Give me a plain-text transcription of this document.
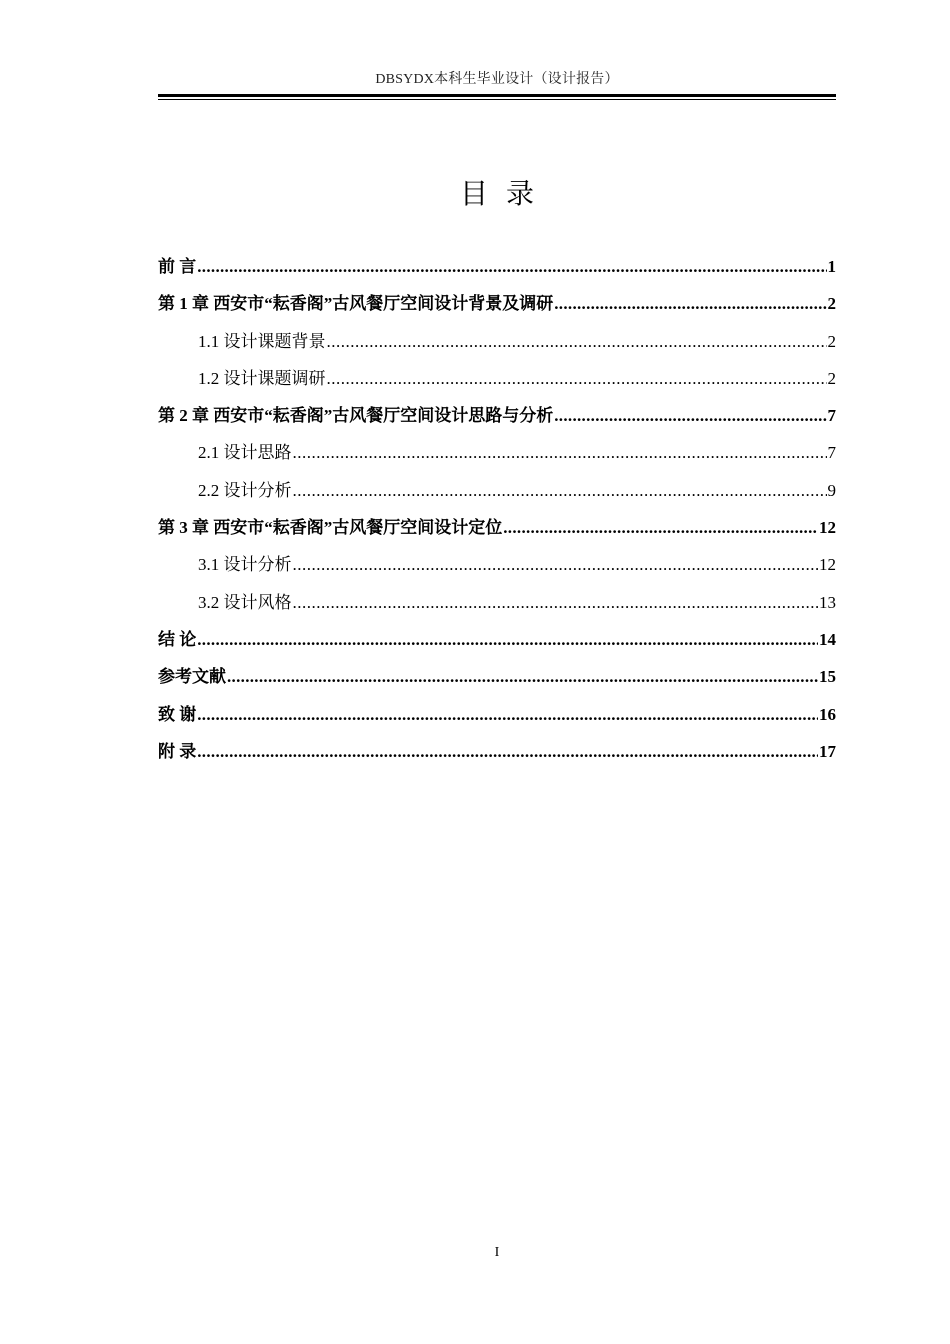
DBSYDX本科生毕业设计（设计报告）
目录
前 言 .....	1
第 1 章 西安市“耘香阁”古风餐厅空间设计背景及调研 .....	2
1.1 设计课题背景 .....	2
1.2 设计课题调研 .....	2
第 2 章 西安市“耘香阁”古风餐厅空间设计思路与分析 .....	7
2.1 设计思路 .....	7
2.2 设计分析 .....	9
第 3 章 西安市“耘香阁”古风餐厅空间设计定位 .....	12
3.1 设计分析 .....	12
3.2 设计风格 .....	13
结 论 .....	14
参考文献 .....	15
致 谢 .....	16
附 录 .....	17
I
